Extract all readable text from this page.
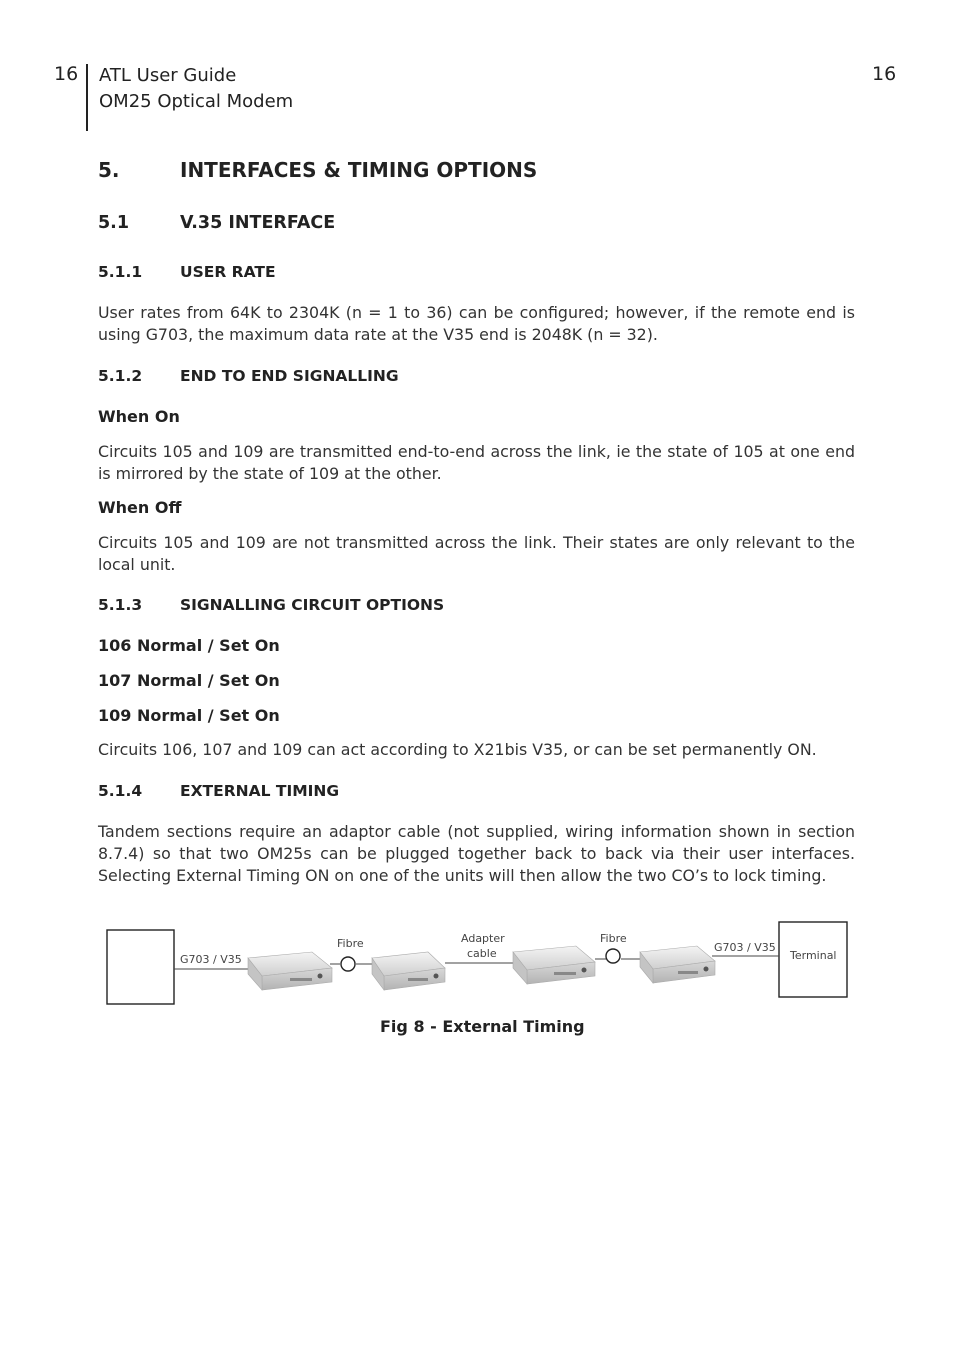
16 ATL User Guide
OM25 Optical Modem
16
5.	INTERFACES & TIMING OPTIONS
5.1	V.35 INTERFACE
5.1.1 USER RATE
User rates from 64K to 2304K (n = 1 to 36) can be configured; however, if the remote end is using G703, the maximum data rate at the V35 end is 2048K (n = 32).
5.1.2 END TO END SIGNALLING
When On
Circuits 105 and 109 are transmitted end-to-end across the link, ie the state of 105 at one end is mirrored by the state of 109 at the other.
When Off
Circuits 105 and 109 are not transmitted across the link. Their states are only relevant to the local unit.
5.1.3 SIGNALLING CIRCUIT OPTIONS
106 Normal / Set On
107 Normal / Set On
109 Normal / Set On
Circuits 106, 107 and 109 can act according to X21bis V35, or can be set permanently ON.
5.1.4 EXTERNAL TIMING
Tandem sections require an adaptor cable (not supplied, wiring information shown in section 8.7.4) so that two OM25s can be plugged together back to back via their user interfaces. Selecting External Timing ON on one of the units will then allow the two CO’s to lock timing.
G703 / V35
Fibre	Adapter
cable
Fibre
G703 / V35
Terminal
Fig 8 - External Timing
